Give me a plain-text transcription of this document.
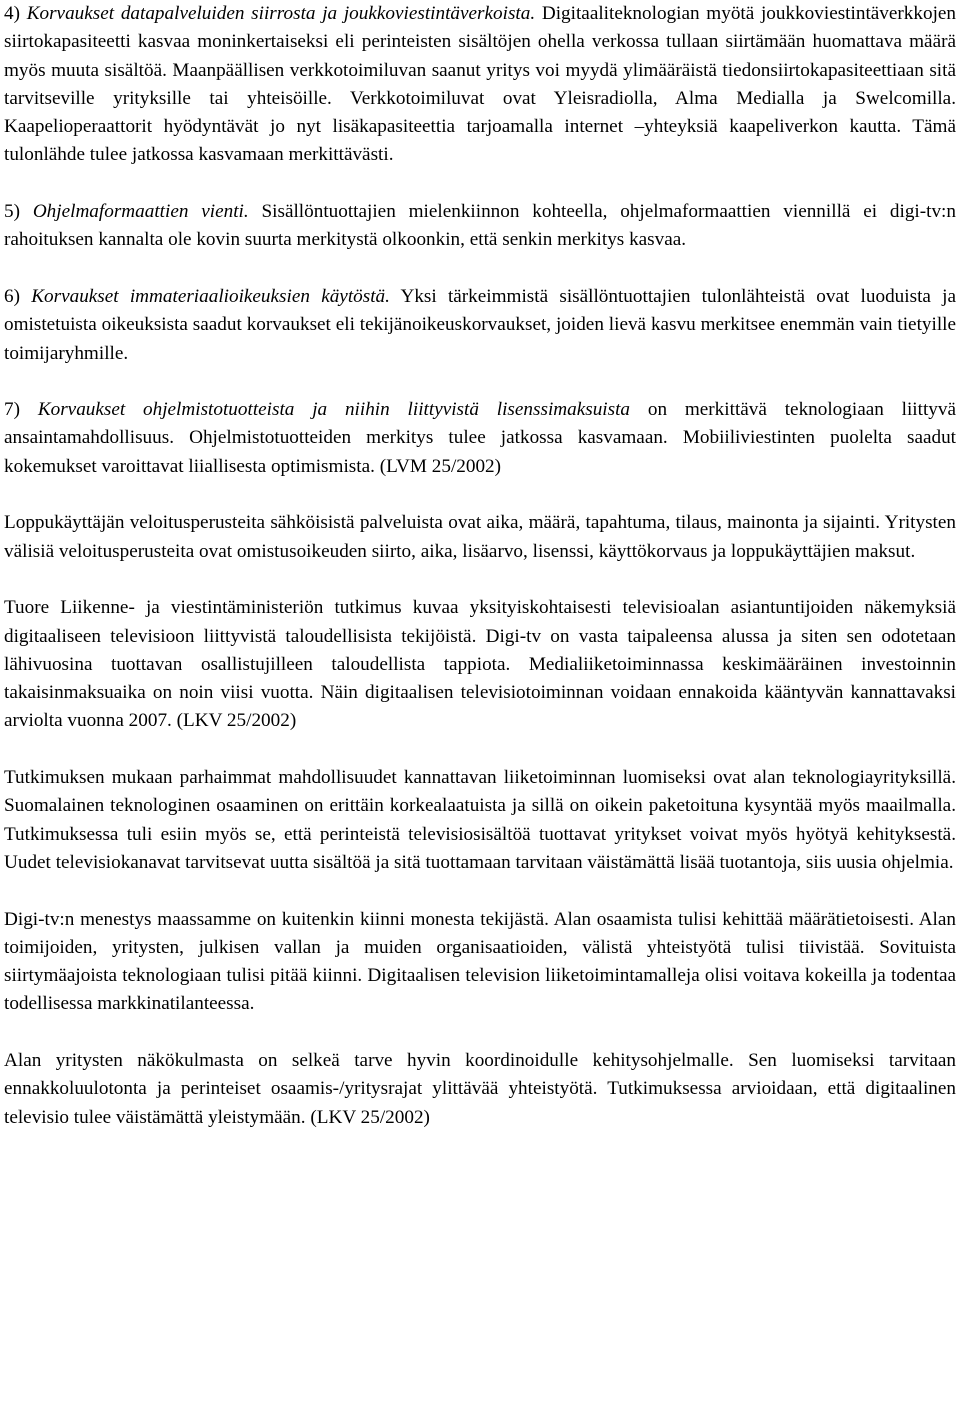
4) Korvaukset datapalveluiden siirrosta ja joukkoviestintäverkoista. Digitaaliteknologian myötä joukkoviestintäverkkojen siirtokapasiteetti kasvaa moninkertaiseksi eli perinteisten sisältöjen ohella verkossa tullaan siirtämään huomattava määrä myös muuta sisältöä. Maanpäällisen verkkotoimiluvan saanut yritys voi myydä ylimääräistä tiedonsiirtokapasiteettiaan sitä tarvitseville yrityksille tai yhteisöille. Verkkotoimiluvat ovat Yleisradiolla, Alma Medialla ja Swelcomilla. Kaapelioperaattorit hyödyntävät jo nyt lisäkapasiteettia tarjoamalla internet –yhteyksiä kaapeliverkon kautta. Tämä tulonlähde tulee jatkossa kasvamaan merkittävästi.

5) Ohjelmaformaattien vienti. Sisällöntuottajien mielenkiinnon kohteella, ohjelmaformaattien viennillä ei digi-tv:n rahoituksen kannalta ole kovin suurta merkitystä olkoonkin, että senkin merkitys kasvaa.

6) Korvaukset immateriaalioikeuksien käytöstä. Yksi tärkeimmistä sisällöntuottajien tulonlähteistä ovat luoduista ja omistetuista oikeuksista saadut korvaukset eli tekijänoikeuskorvaukset, joiden lievä kasvu merkitsee enemmän vain tietyille toimijaryhmille.

7) Korvaukset ohjelmistotuotteista ja niihin liittyvistä lisenssimaksuista on merkittävä teknologiaan liittyvä ansaintamahdollisuus. Ohjelmistotuotteiden merkitys tulee jatkossa kasvamaan. Mobiiliviestinten puolelta saadut kokemukset varoittavat liiallisesta optimismista. (LVM 25/2002)

Loppukäyttäjän veloitusperusteita sähköisistä palveluista ovat aika, määrä, tapahtuma, tilaus, mainonta ja sijainti. Yritysten välisiä veloitusperusteita ovat omistusoikeuden siirto, aika, lisäarvo, lisenssi, käyttökorvaus ja loppukäyttäjien maksut.

Tuore Liikenne- ja viestintäministeriön tutkimus kuvaa yksityiskohtaisesti televisioalan asiantuntijoiden näkemyksiä digitaaliseen televisioon liittyvistä taloudellisista tekijöistä. Digi-tv on vasta taipaleensa alussa ja siten sen odotetaan lähivuosina tuottavan osallistujilleen taloudellista tappiota. Medialiiketoiminnassa keskimääräinen investoinnin takaisinmaksuaika on noin viisi vuotta. Näin digitaalisen televisiotoiminnan voidaan ennakoida kääntyvän kannattavaksi arviolta vuonna 2007. (LKV 25/2002)

Tutkimuksen mukaan parhaimmat mahdollisuudet kannattavan liiketoiminnan luomiseksi ovat alan teknologiayrityksillä. Suomalainen teknologinen osaaminen on erittäin korkealaatuista ja sillä on oikein paketoituna kysyntää myös maailmalla. Tutkimuksessa tuli esiin myös se, että perinteistä televisiosisältöä tuottavat yritykset voivat myös hyötyä kehityksestä. Uudet televisiokanavat tarvitsevat uutta sisältöä ja sitä tuottamaan tarvitaan väistämättä lisää tuotantoja, siis uusia ohjelmia.

Digi-tv:n menestys maassamme on kuitenkin kiinni monesta tekijästä. Alan osaamista tulisi kehittää määrätietoisesti. Alan toimijoiden, yritysten, julkisen vallan ja muiden organisaatioiden, välistä yhteistyötä tulisi tiivistää. Sovituista siirtymäajoista teknologiaan tulisi pitää kiinni. Digitaalisen television liiketoimintamalleja olisi voitava kokeilla ja todentaa todellisessa markkinatilanteessa.

Alan yritysten näkökulmasta on selkeä tarve hyvin koordinoidulle kehitysohjelmalle. Sen luomiseksi tarvitaan ennakkoluulotonta ja perinteiset osaamis-/yritysrajat ylittävää yhteistyötä. Tutkimuksessa arvioidaan, että digitaalinen televisio tulee väistämättä yleistymään. (LKV 25/2002)
